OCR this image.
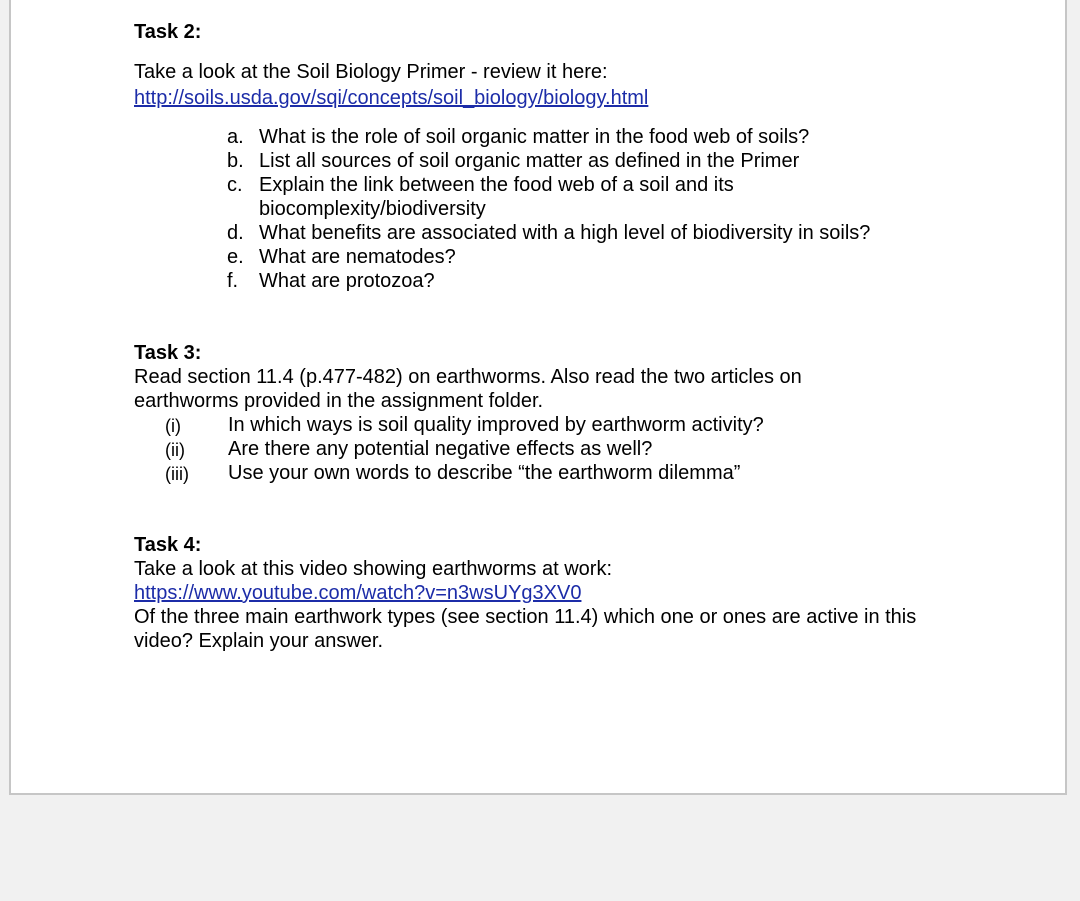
Task 2:

Take a look at the Soil Biology Primer - review it here:

http://soils.usda.gov/sqi/concepts/soil_biology/biology.html
a. What is the role of soil organic matter in the food web of soils?
b. List all sources of soil organic matter as defined in the Primer
c. Explain the link between the food web of a soil and its biocomplexity/biodiversity
d. What benefits are associated with a high level of biodiversity in soils?
e. What are nematodes?
f. What are protozoa?

Task 3:

Read section 11.4 (p.477-482) on earthworms. Also read the two articles on earthworms provided in the assignment folder.

(i) In which ways is soil quality improved by earthworm activity?
(ii) Are there any potential negative effects as well?
(iii) Use your own words to describe “the earthworm dilemma”

Task 4:

Take a look at this video showing earthworms at work:

https://www.youtube.com/watch?v=n3wsUYg3XV0

Of the three main earthwork types (see section 11.4) which one or ones are active in this video? Explain your answer.
